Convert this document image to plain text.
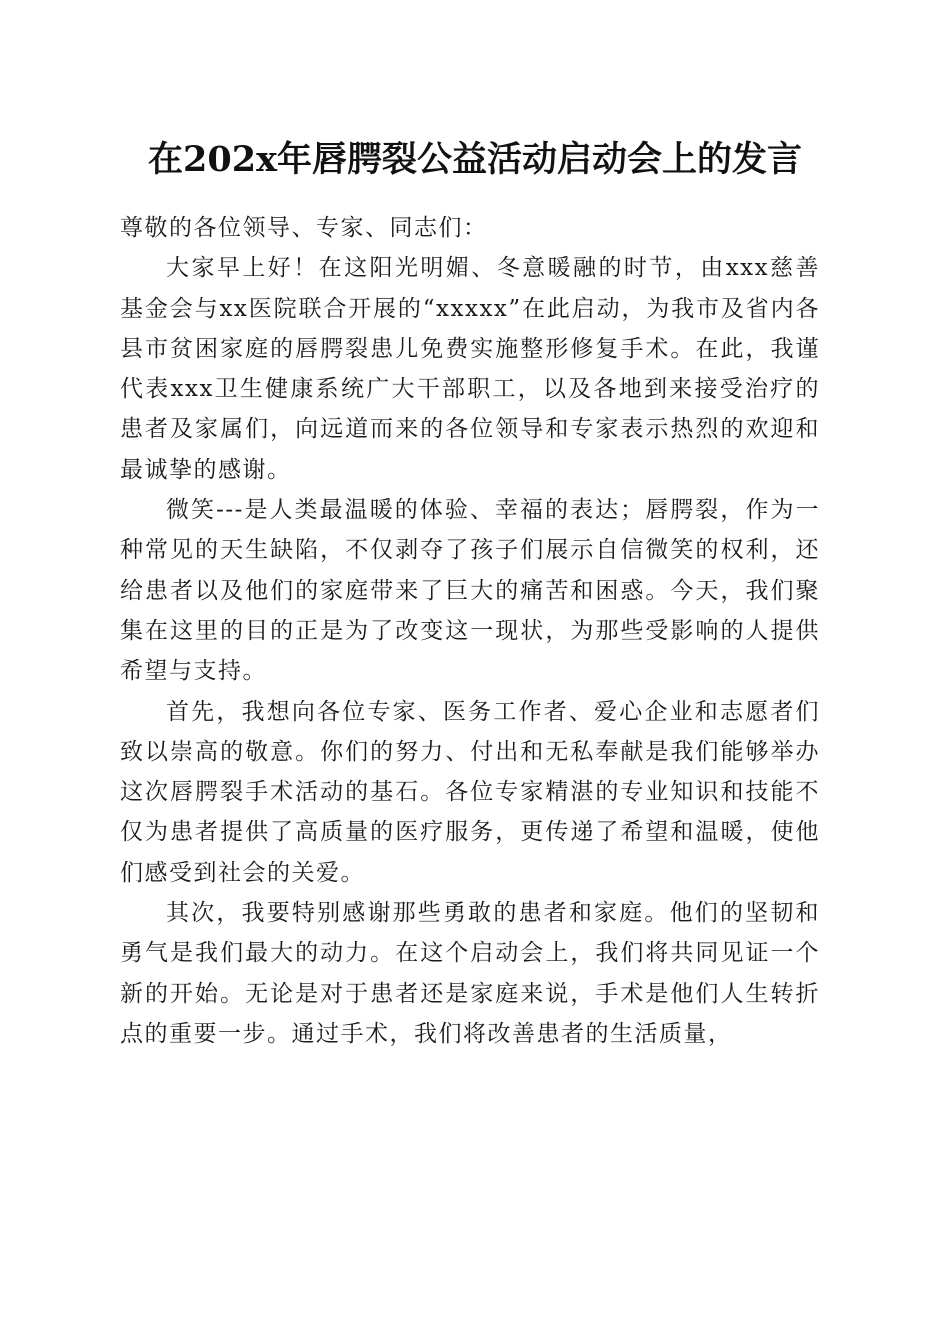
在202x年唇腭裂公益活动启动会上的发言

尊敬的各位领导、专家、同志们：

大家早上好！在这阳光明媚、冬意暖融的时节，由xxx慈善基金会与xx医院联合开展的“xxxxx”在此启动，为我市及省内各县市贫困家庭的唇腭裂患儿免费实施整形修复手术。在此，我谨代表xxx卫生健康系统广大干部职工，以及各地到来接受治疗的患者及家属们，向远道而来的各位领导和专家表示热烈的欢迎和最诚挚的感谢。

微笑---是人类最温暖的体验、幸福的表达；唇腭裂，作为一种常见的天生缺陷，不仅剥夺了孩子们展示自信微笑的权利，还给患者以及他们的家庭带来了巨大的痛苦和困惑。今天，我们聚集在这里的目的正是为了改变这一现状，为那些受影响的人提供希望与支持。

首先，我想向各位专家、医务工作者、爱心企业和志愿者们致以崇高的敬意。你们的努力、付出和无私奉献是我们能够举办这次唇腭裂手术活动的基石。各位专家精湛的专业知识和技能不仅为患者提供了高质量的医疗服务，更传递了希望和温暖，使他们感受到社会的关爱。

其次，我要特别感谢那些勇敢的患者和家庭。他们的坚韧和勇气是我们最大的动力。在这个启动会上，我们将共同见证一个新的开始。无论是对于患者还是家庭来说，手术是他们人生转折点的重要一步。通过手术，我们将改善患者的生活质量，
